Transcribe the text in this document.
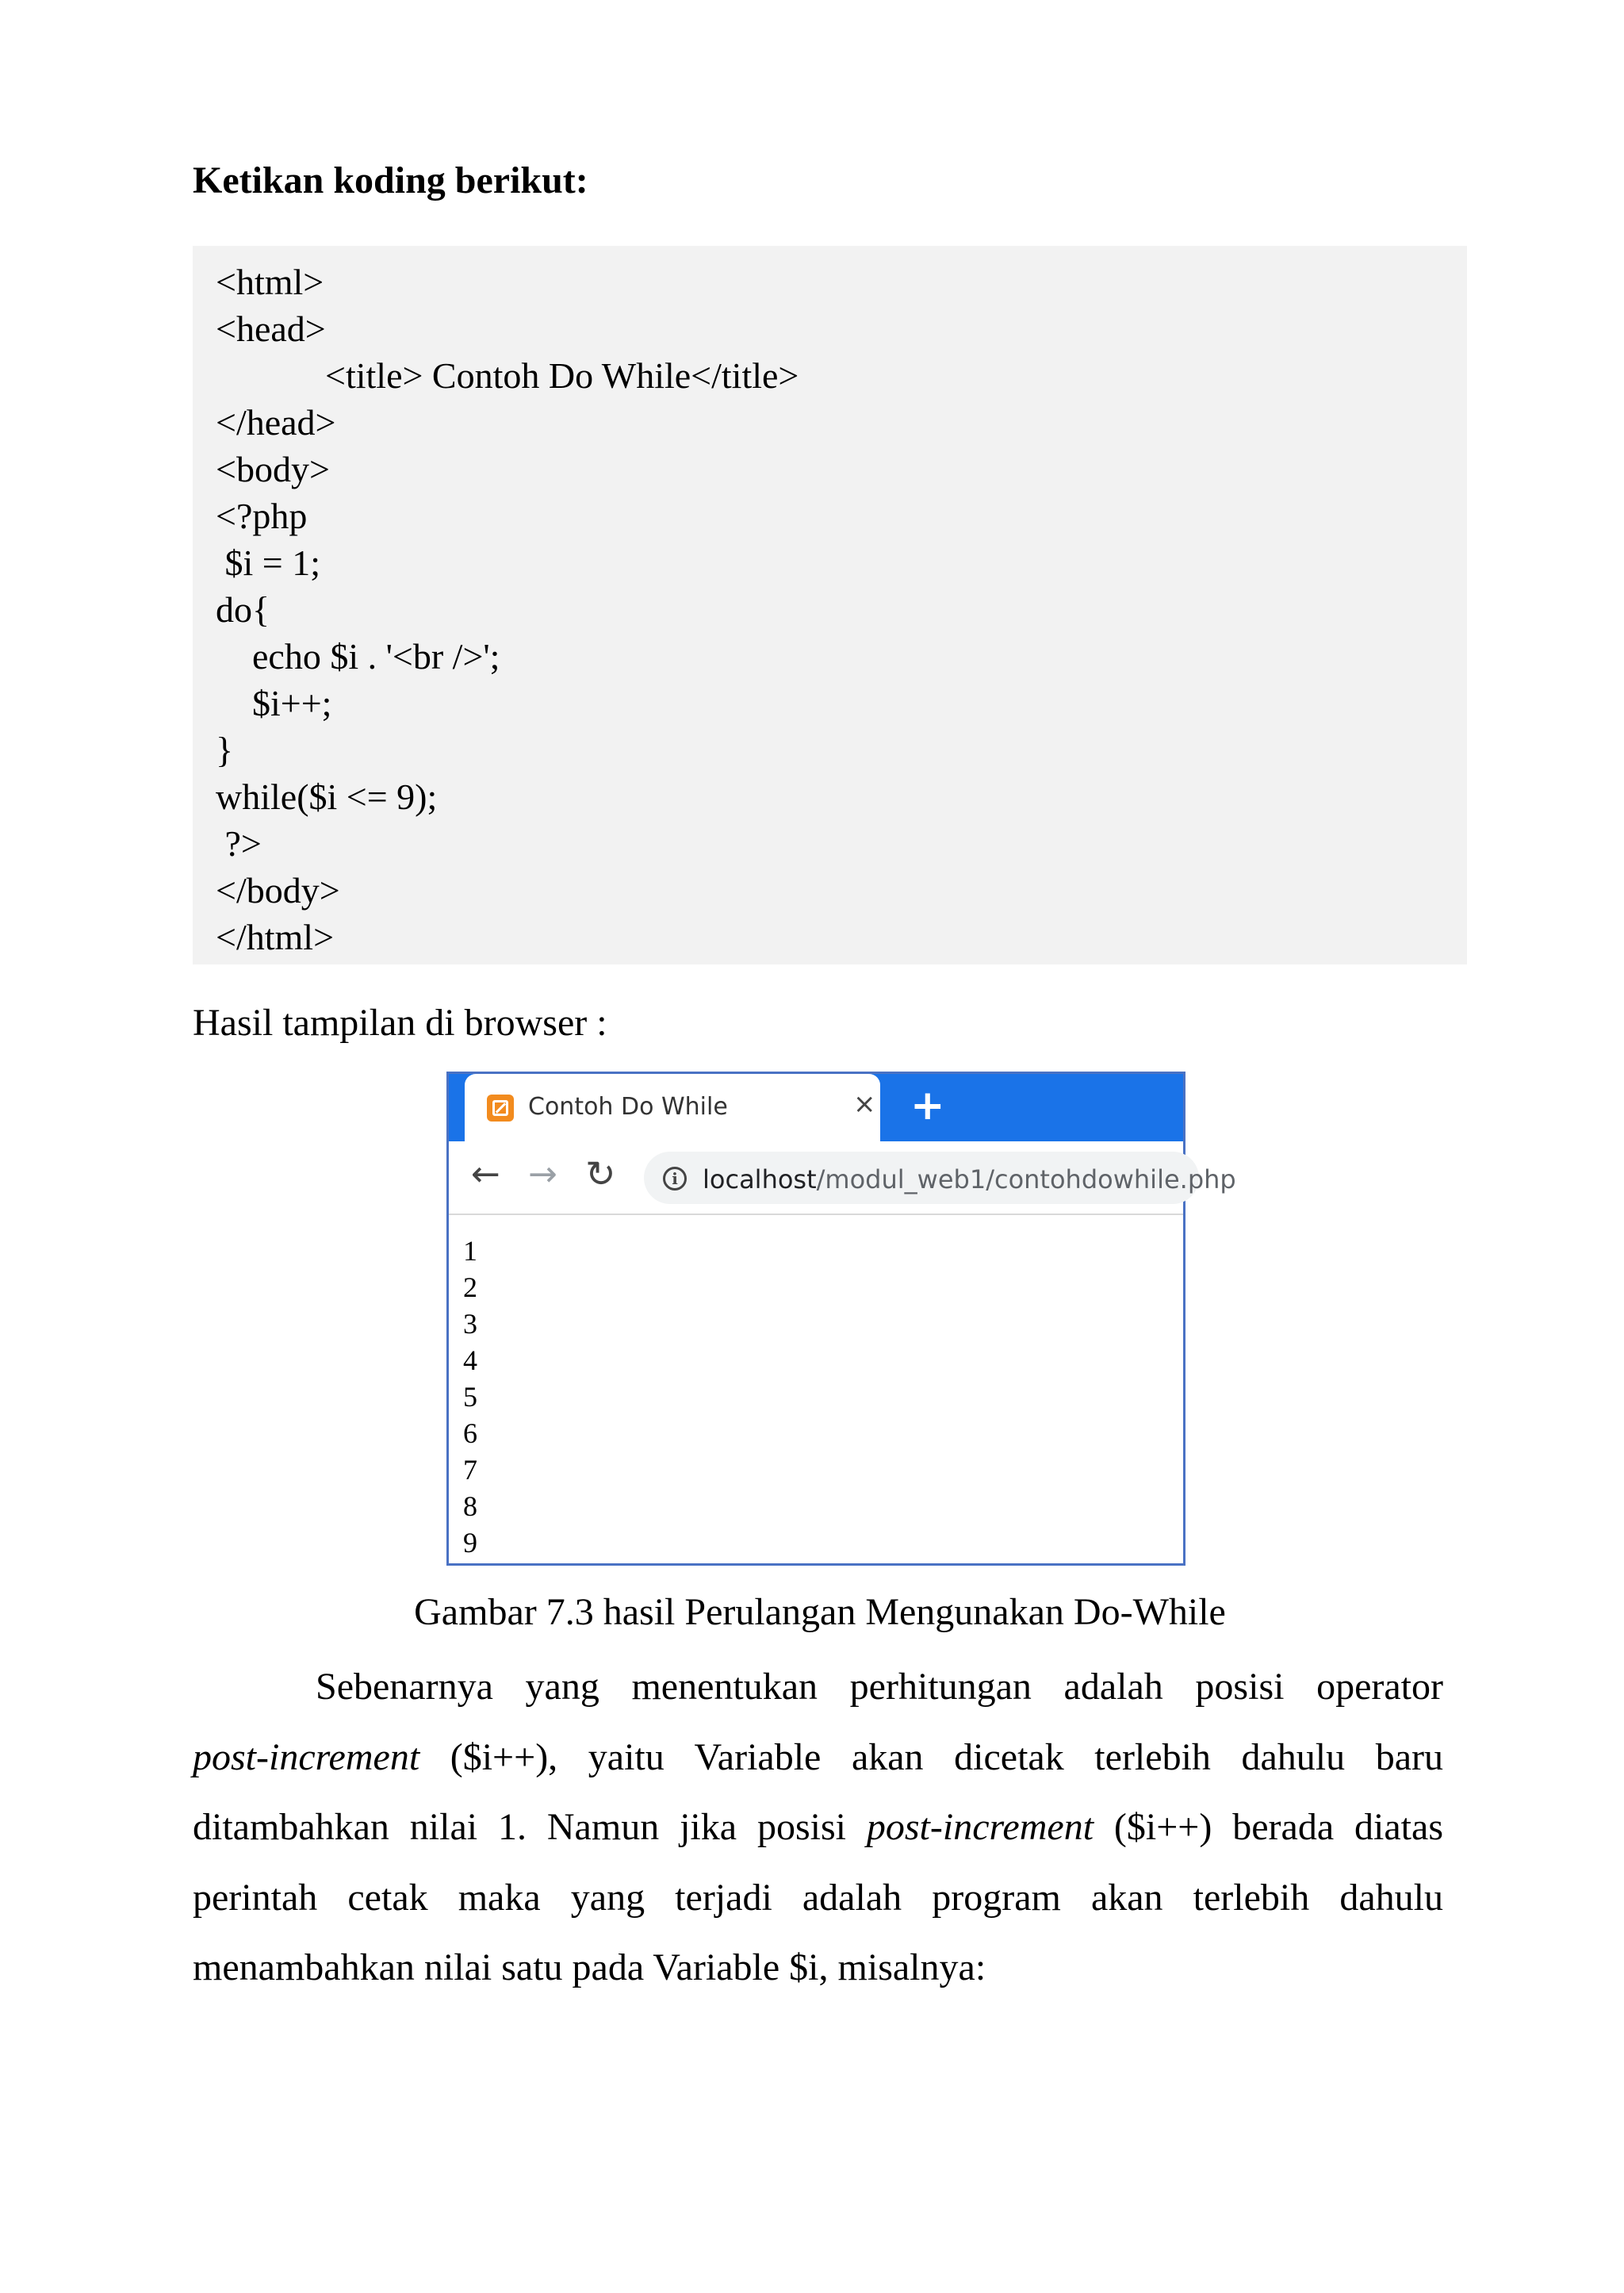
Ketikan koding berikut:
<html>
<head>
<title> Contoh Do While</title>
</head>
<body>
<?php
$i = 1;
do{
echo $i . '<br />';
$i++;
}
while($i <= 9);
?>
</body>
</html>
Hasil tampilan di browser :
Contoh Do While	× +
← → ↻	i localhost/modul_web1/contohdowhile.php
1
2
3
4
5
6
7
8
9
Gambar 7.3 hasil Perulangan Mengunakan Do-While
Sebenarnya yang menentukan perhitungan adalah posisi operator
post-increment ($i++), yaitu Variable akan dicetak terlebih dahulu baru
ditambahkan nilai 1. Namun jika posisi post-increment ($i++) berada diatas
perintah cetak maka yang terjadi adalah program akan terlebih dahulu
menambahkan nilai satu pada Variable $i, misalnya:
